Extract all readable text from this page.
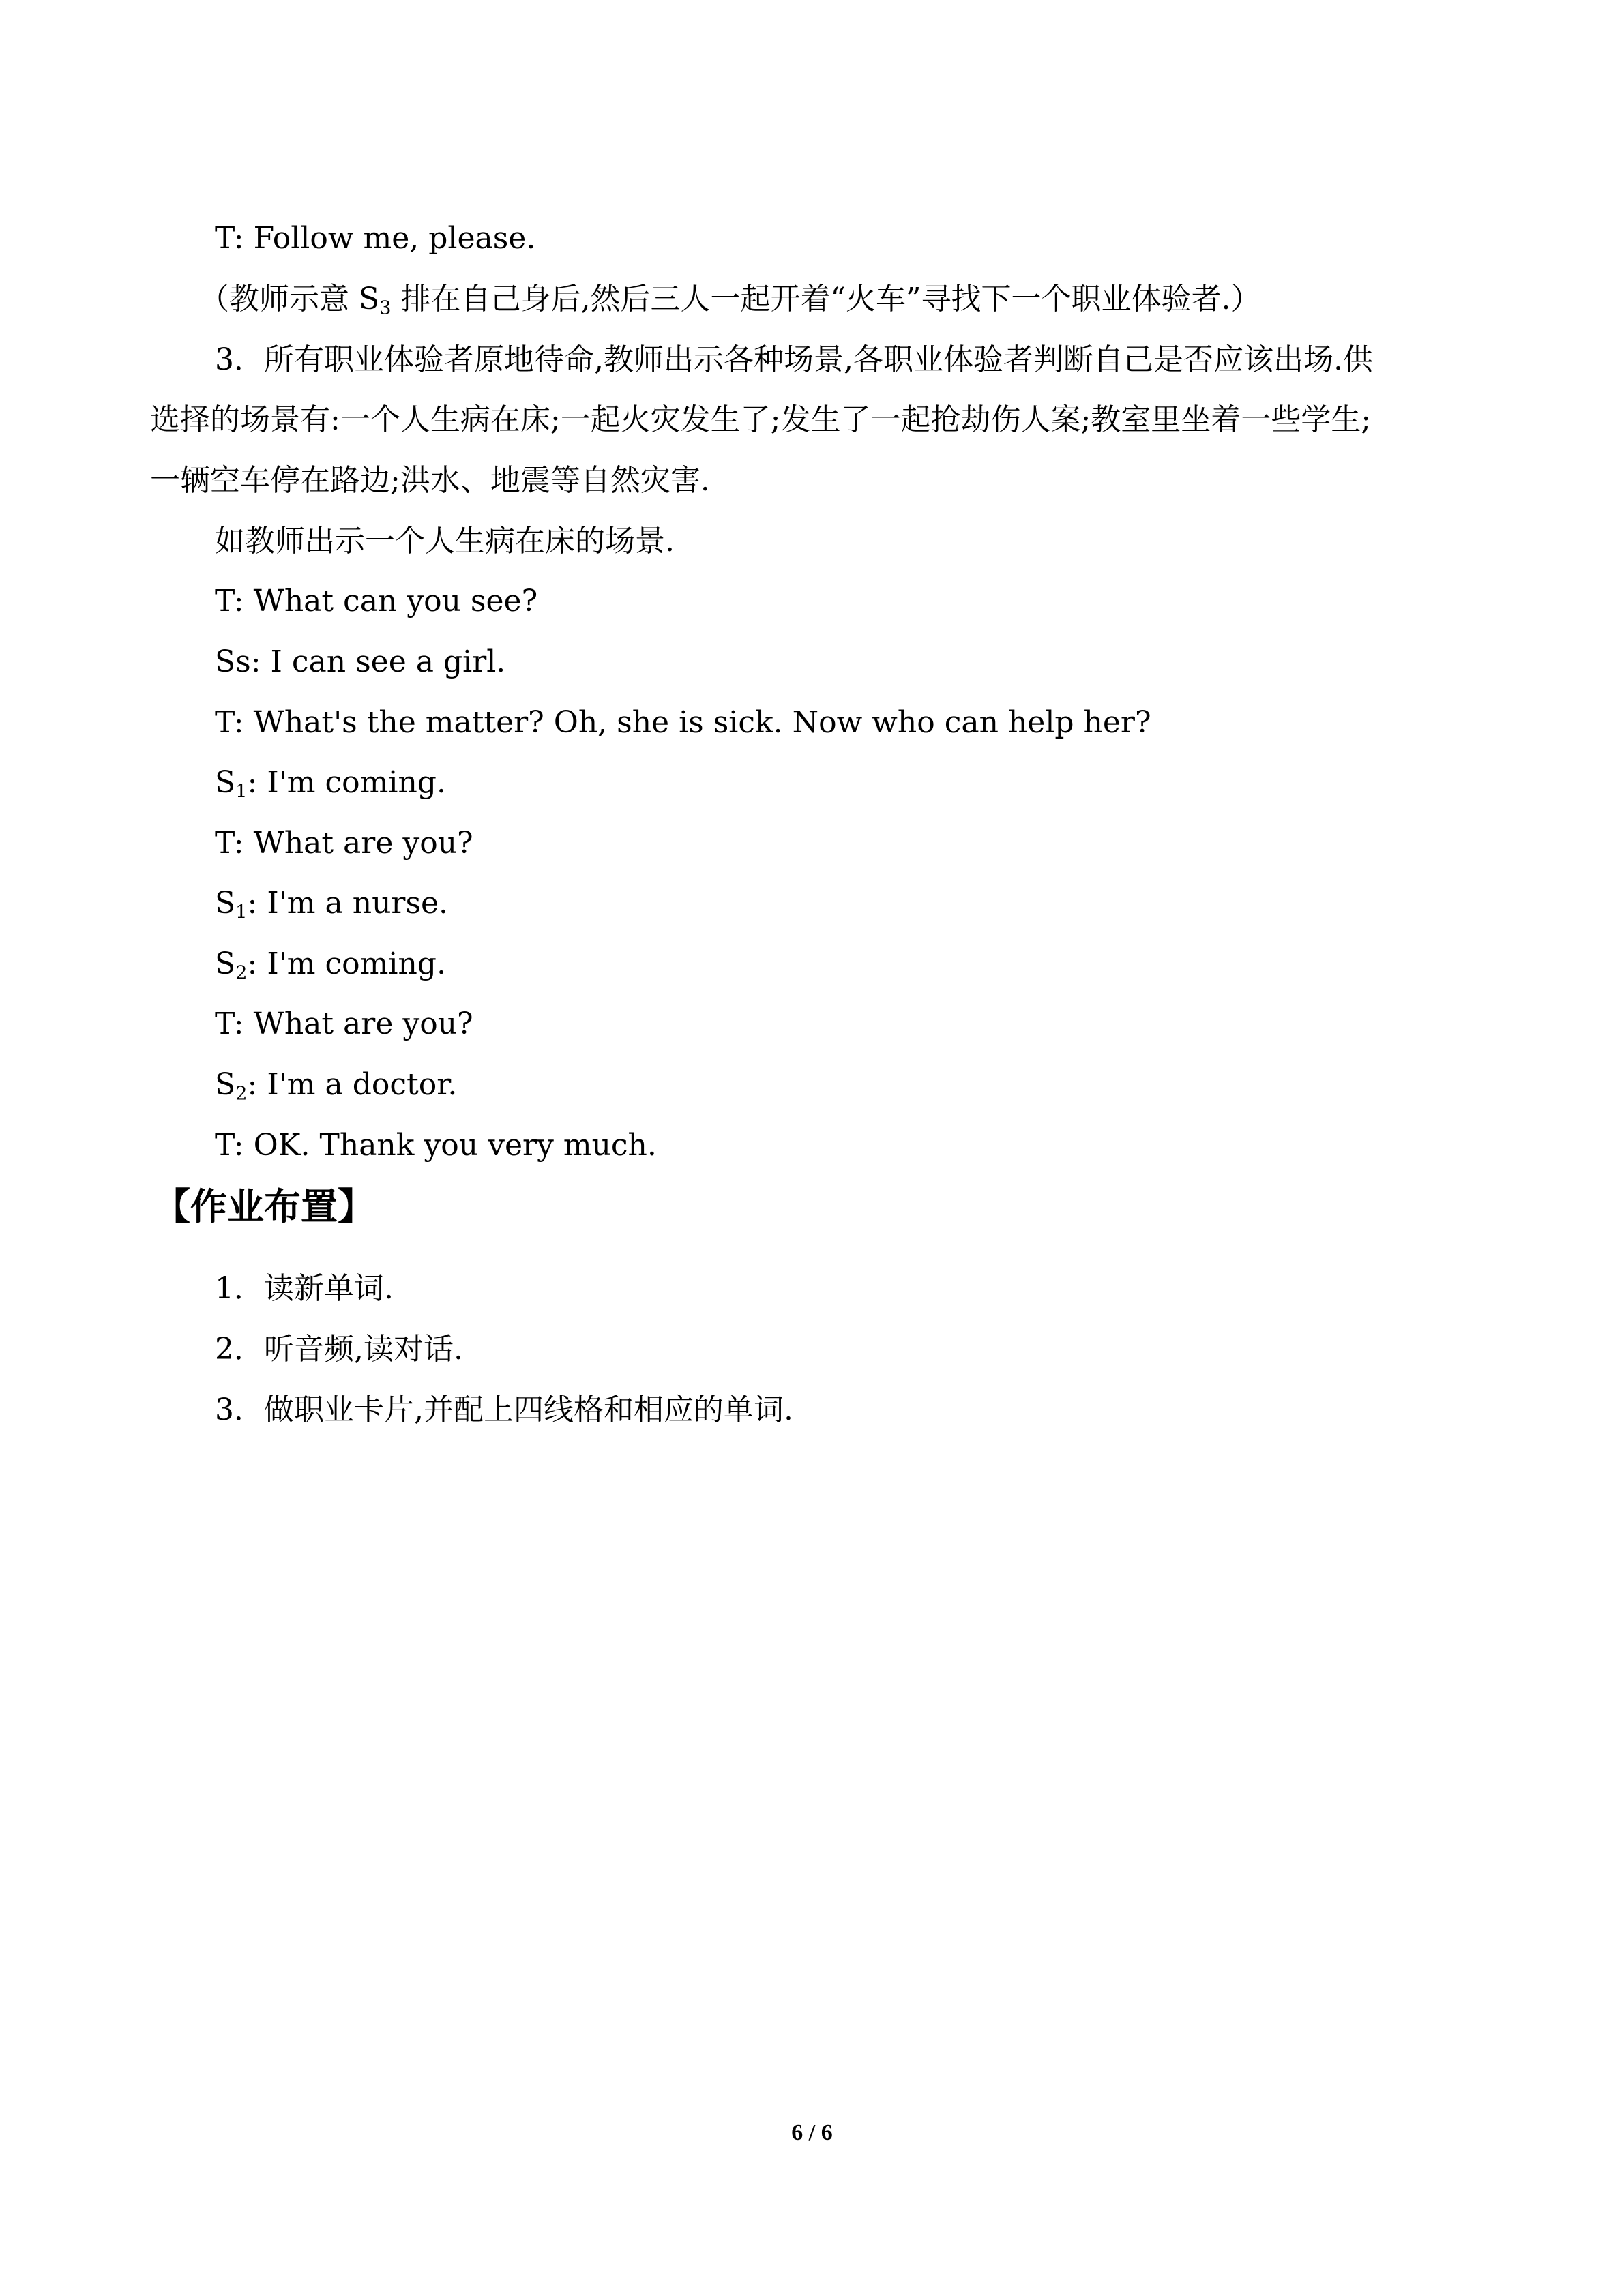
T: Follow me, please.
（教师示意 $S_3$ 排在自己身后,然后三人一起开着“火车”寻找下一个职业体验者.）
3．所有职业体验者原地待命,教师出示各种场景,各职业体验者判断自己是否应该出场.供
选择的场景有:一个人生病在床;一起火灾发生了;发生了一起抢劫伤人案;教室里坐着一些学生;
一辆空车停在路边;洪水、地震等自然灾害.
如教师出示一个人生病在床的场景.
T: What can you see?
Ss: I can see a girl.
T: What's the matter? Oh, she is sick. Now who can help her?
$S_1$: I'm coming.
T: What are you?
$S_1$: I'm a nurse.
$S_2$: I'm coming.
T: What are you?
$S_2$: I'm a doctor.
T: OK. Thank you very much.
【作业布置】
1．读新单词.
2．听音频,读对话.
3．做职业卡片,并配上四线格和相应的单词.
6 / 6
